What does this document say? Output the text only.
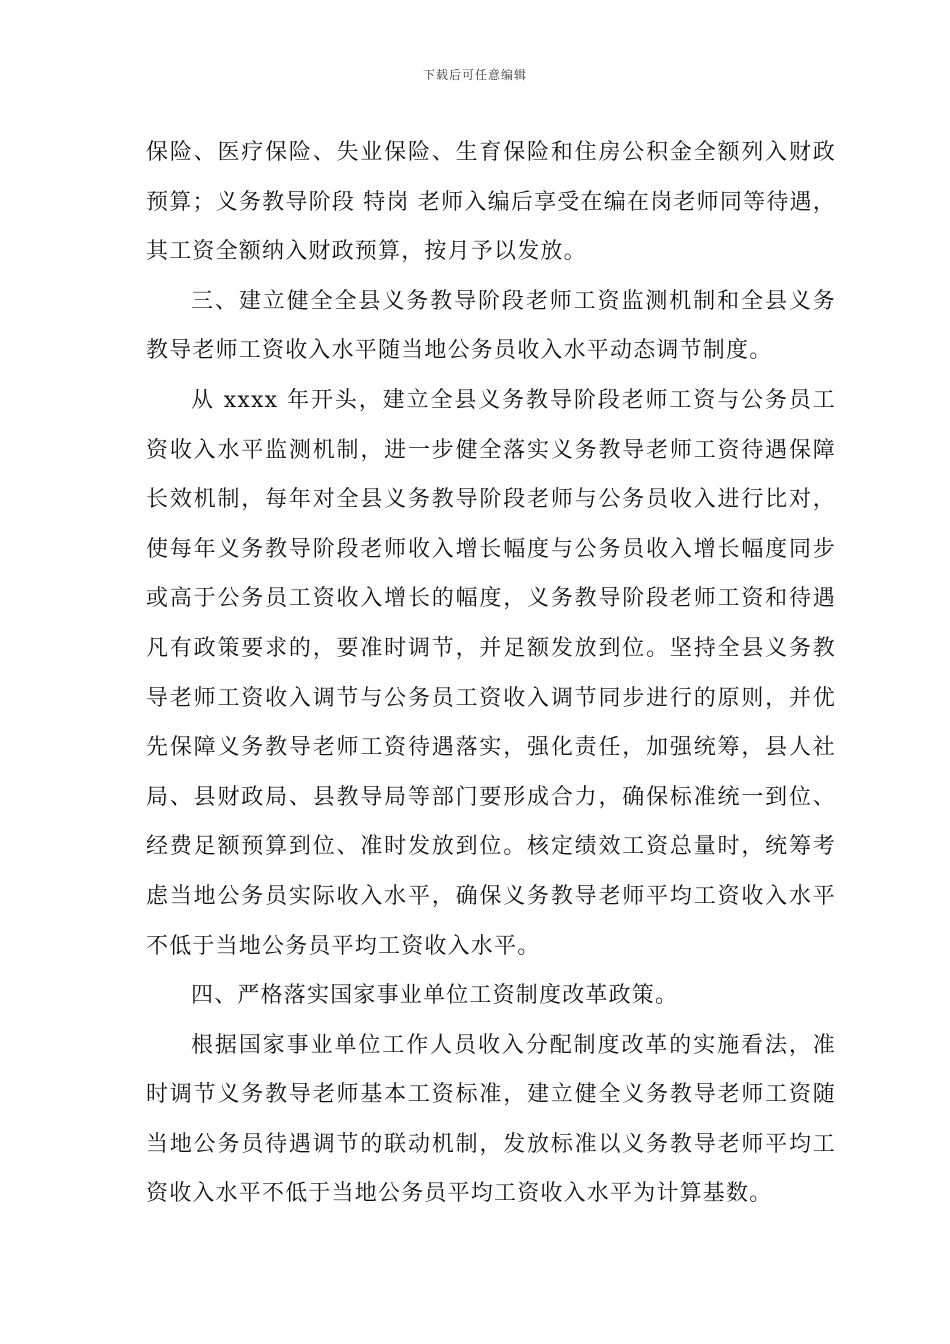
下载后可任意编辑

保险、医疗保险、失业保险、生育保险和住房公积金全额列入财政预算；义务教导阶段 特岗 老师入编后享受在编在岗老师同等待遇，其工资全额纳入财政预算，按月予以发放。

三、建立健全全县义务教导阶段老师工资监测机制和全县义务教导老师工资收入水平随当地公务员收入水平动态调节制度。

从 xxxx 年开头，建立全县义务教导阶段老师工资与公务员工资收入水平监测机制，进一步健全落实义务教导老师工资待遇保障长效机制，每年对全县义务教导阶段老师与公务员收入进行比对，使每年义务教导阶段老师收入增长幅度与公务员收入增长幅度同步或高于公务员工资收入增长的幅度，义务教导阶段老师工资和待遇凡有政策要求的，要准时调节，并足额发放到位。坚持全县义务教导老师工资收入调节与公务员工资收入调节同步进行的原则，并优先保障义务教导老师工资待遇落实，强化责任，加强统筹，县人社局、县财政局、县教导局等部门要形成合力，确保标准统一到位、经费足额预算到位、准时发放到位。核定绩效工资总量时，统筹考虑当地公务员实际收入水平，确保义务教导老师平均工资收入水平不低于当地公务员平均工资收入水平。

四、严格落实国家事业单位工资制度改革政策。

根据国家事业单位工作人员收入分配制度改革的实施看法，准时调节义务教导老师基本工资标准，建立健全义务教导老师工资随当地公务员待遇调节的联动机制，发放标准以义务教导老师平均工资收入水平不低于当地公务员平均工资收入水平为计算基数。
